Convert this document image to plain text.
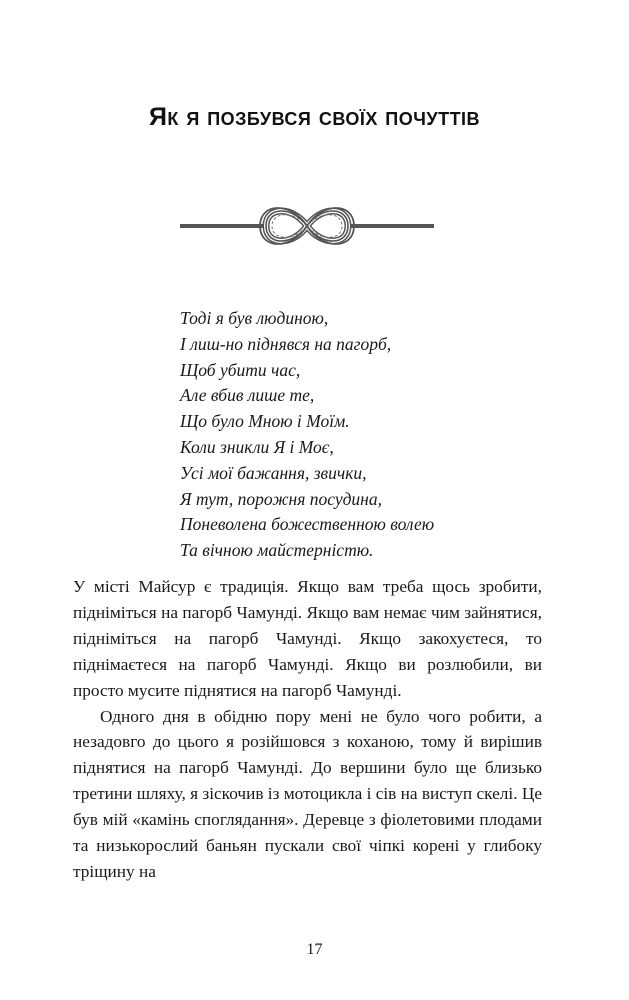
Як я позбувся своїх почуттів
Тоді я був людиною,
І лиш-но піднявся на пагорб,
Щоб убити час,
Але вбив лише те,
Що було Мною і Моїм.
Коли зникли Я і Моє,
Усі мої бажання, звички,
Я тут, порожня посудина,
Поневолена божественною волею
Та вічною майстерністю.

У місті Майсур є традиція. Якщо вам треба щось зробити, підніміться на пагорб Чамунді. Якщо вам немає чим зайнятися, підніміться на пагорб Чамунді. Якщо закохуєтеся, то піднімаєтеся на пагорб Чамунді. Якщо ви розлюбили, ви просто мусите піднятися на пагорб Чамунді.

Одного дня в обідню пору мені не було чого робити, а незадовго до цього я розійшовся з коханою, тому й вирішив піднятися на пагорб Чамунді. До вершини було ще близько третини шляху, я зіскочив із мотоцикла і сів на виступ скелі. Це був мій «камінь споглядання». Деревце з фіолетовими плодами та низькорослий баньян пускали свої чіпкі корені у глибоку тріщину на

17
